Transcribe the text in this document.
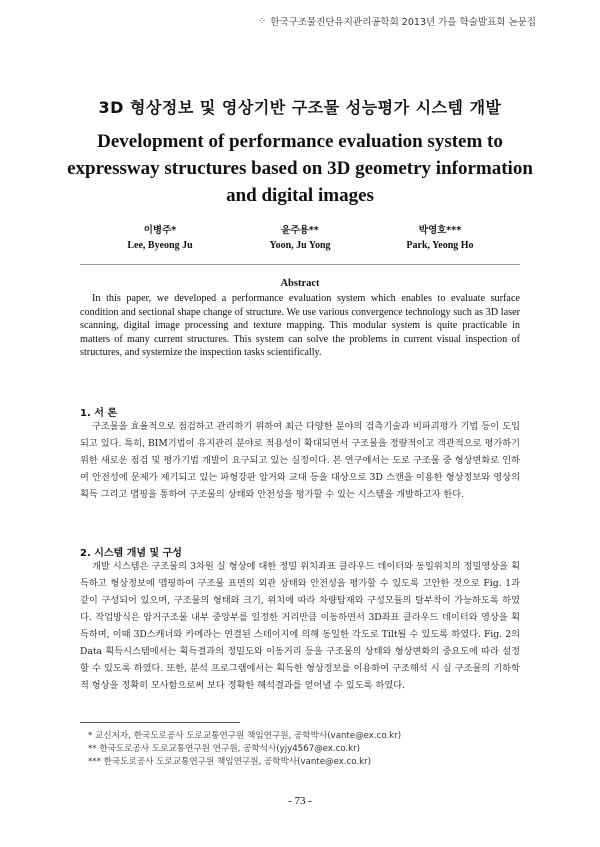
⁘ 한국구조물진단유지관리공학회 2013년 가을 학술발표회 논문집
3D 형상정보 및 영상기반 구조물 성능평가 시스템 개발
Development of performance evaluation system to expressway structures based on 3D geometry information and digital images
이병주*
Lee, Byeong Ju
윤주용**
Yoon, Ju Yong
박영호***
Park, Yeong Ho
Abstract
In this paper, we developed a performance evaluation system which enables to evaluate surface condition and sectional shape change of structure. We use various convergence technology such as 3D laser scanning, digital image processing and texture mapping. This modular system is quite practicable in matters of many current structures. This system can solve the problems in current visual inspection of structures, and systemize the inspection tasks scientifically.
1. 서 론
구조물을 효율적으로 점검하고 관리하기 위하여 최근 다양한 분야의 검측기술과 비파괴평가 기법 등이 도입되고 있다. 특히, BIM기법이 유지관리 분야로 적용성이 확대되면서 구조물을 정량적이고 객관적으로 평가하기 위한 새로운 점검 및 평가기법 개발이 요구되고 있는 실정이다. 본 연구에서는 도로 구조물 중 형상변화로 인하여 안전성에 문제가 제기되고 있는 파형강판 암거와 교대 등을 대상으로 3D 스캔을 이용한 형상정보와 영상의 획득 그리고 맵핑을 통하여 구조물의 상태와 안전성을 평가할 수 있는 시스템을 개발하고자 한다.
2. 시스템 개념 및 구성
개발 시스템은 구조물의 3차원 실 형상에 대한 정밀 위치좌표 클라우드 데이터와 동일위치의 정밀영상을 획득하고 형상정보에 맵핑하여 구조물 표면의 외관 상태와 안전성을 평가할 수 있도록 고안한 것으로 Fig. 1과 같이 구성되어 있으며, 구조물의 형태와 크기, 위치에 따라 차량탑재와 구성모듈의 탈부착이 가능하도록 하였다. 작업방식은 암거구조물 내부 중앙부를 일정한 거리만큼 이동하면서 3D좌표 클라우드 데이터와 영상을 획득하며, 이때 3D스캐너와 카메라는 연결된 스테이지에 의해 동일한 각도로 Tilt될 수 있도록 하였다. Fig. 2의 Data 획득시스템에서는 획득결과의 정밀도와 이동거리 등을 구조물의 상태와 형상변화의 중요도에 따라 설정할 수 있도록 하였다. 또한, 분석 프로그램에서는 획득한 형상정보를 이용하여 구조해석 시 실 구조물의 기하학적 형상을 정확히 모사함으로써 보다 정확한 해석결과를 얻어낼 수 있도록 하였다.
* 교신저자, 한국도로공사 도로교통연구원 책임연구원, 공학박사(vante@ex.co.kr)
** 한국도로공사 도로교통연구원 연구원, 공학석사(yjy4567@ex.co.kr)
*** 한국도로공사 도로교통연구원 책임연구원, 공학박사(vante@ex.co.kr)
- 73 -
